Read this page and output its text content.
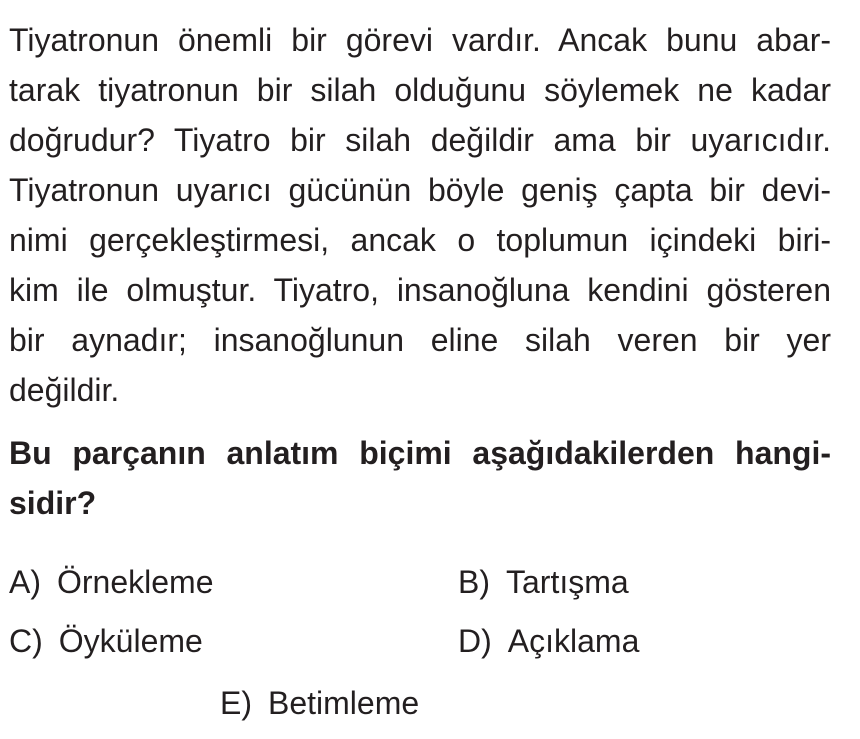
Tiyatronun önemli bir görevi vardır. Ancak bunu abar-
tarak tiyatronun bir silah olduğunu söylemek ne kadar
doğrudur? Tiyatro bir silah değildir ama bir uyarıcıdır.
Tiyatronun uyarıcı gücünün böyle geniş çapta bir devi-
nimi gerçekleştirmesi, ancak o toplumun içindeki biri-
kim ile olmuştur. Tiyatro, insanoğluna kendini gösteren
bir aynadır; insanoğlunun eline silah veren bir yer
değildir.
Bu parçanın anlatım biçimi aşağıdakilerden hangi-
sidir?
A) Örnekleme	B) Tartışma
C) Öyküleme	D) Açıklama
E) Betimleme
